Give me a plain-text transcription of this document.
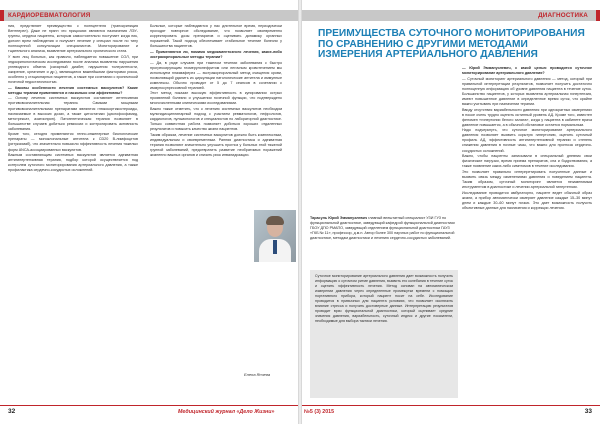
КАРДИОРЕВМАТОЛОГИЯ

ния, предствляет преимущество с полнцентеля (транскрипиция Вентнерел). Даже не прзнн что прицозиях являются назначения ЛЭУ-группы, кердека пациенты, которым самостоятельно поступает когда пик, дополн врем наблюдения и получает лечение у специал после по типу полноценной консультации специалистов. Мониторирование и тщательного анализа, выявление артериального хронического стата.

У всех лиц больных, как правило, наблюдается повышение СОЛ, при эндокринологическом исследовании после анализа выявлены нарушения углеводного обмена (сахарный диабет, нарушения толерантности, ожирение, креатинин и др.), являющиеся важнейшими факторами риска, особенно у стационарных пациентов, а также при сочетании с хронической почечной недостаточностью.

— Каковы особенности лечения системных васкулитов? Какие методы терапии применяются и насколько они эффективны?

— Основу лечения системных васкулитов составляет интенсивная противовоспалительная терапия. Самыми мощными противовоспалительными препаратами являются глюкокортикостероиды, назначаемые в высоких дозах, а также цитостатики (циклофосфамид, метотрексат, азатиоприн). Патогенетическая терапия позволяет в большинстве случаев добиться ремиссии и контролировать активность заболевания.

Кроме того, сегодня применяются генно-инженерные биологические препараты — моноклональные антитела к CD20 B-лимфоцитов (ритуксимаб), что значительно повысило эффективность лечения тяжелых форм ANCA-ассоциированных васкулитов.

Важным составляющим системных васкулитов является адекватная антигипертензивная терапия, подбор которой осуществляется под контролем суточного мониторирования артериального давления, а также профилактика сердечно-сосудистых осложнений.

Больные, которые наблюдаются у нас длительное время, периодически проходят повторное обследование, что позволяет своевременно корректировать дозы препаратов и оценивать динамику органных поражений. Такой подход обеспечивает стабильное течение болезни у большинства пациентов.

— Применяются ли, помимо медикаментозного лечения, какие-либо экстракорпоральные методы терапии?

— Да, в ряде случаев при тяжелом течении заболевания с быстро прогрессирующим гломерулонефритом или легочным кровотечением мы используем плазмаферез — экстракорпоральный метод очищения крови, позволяющий удалить из циркуляции патологические антитела и иммунные комплексы. Обычно проводят от 5 до 7 сеансов в сочетании с иммуносупрессивной терапией.

Этот метод показал высокую эффективность в купировании острых проявлений болезни и улучшении почечной функции, что подтверждено многочисленными клиническими исследованиями.

Важно также отметить, что к лечению системных васкулитов необходим мультидисциплинарный подход с участием ревматологов, нефрологов, кардиологов, пульмонологов и специалистов по лабораторной диагностике. Только совместная работа позволяет добиться хороших отдаленных результатов и повысить качество жизни пациентов.

Таким образом, лечение системных васкулитов должно быть комплексным, индивидуальным и своевременным. Ранняя диагностика и адекватная терапия позволяют значительно улучшить прогноз у больных этой тяжелой группой заболеваний, предотвратить развитие необратимых поражений жизненно важных органов и снизить риск инвалидизации.

Елена Янчева
32	Медицинский журнал «Дело Жизни»
ДИАГНОСТИКА
ПРЕИМУЩЕСТВА СУТОЧНОГО МОНИТОРИРОВАНИЯ ПО СРАВНЕНИЮ С ДРУГИМИ МЕТОДАМИ ИЗМЕРЕНИЯ АРТЕРИАЛЬНОГО ДАВЛЕНИЯ

— Юрий Эммануэлевич, с какой целью проводится суточное мониторирование артериального давления?

— Суточный мониторинг артериального давления — метод, который при правильной интерпретации результатов, позволяет получить достаточно полноценную информацию об уровне давления пациента в течение суток. Большинство пациентов, у которых выявлена артериальная гипертензия, имеют повышенное давление в определенное время суток, что крайне важно учитывать при назначении терапии.

Ввиду отсутствия вариабельности давления при однократных измерениях в покое очень трудно оценить истинный уровень АД. Кроме того, известен феномен «гипертонии белого халата», когда у пациента в кабинете врача давление повышается, а в обычной обстановке остается нормальным.

Надо подчеркнуть, что суточное мониторирование артериального давления позволяет выявить скрытую гипертонию, оценить суточный профиль АД, эффективность антигипертензивной терапии и степень снижения давления в ночные часы, что важно для прогноза сердечно-сосудистых осложнений.

Важно, чтобы пациенты записывали в специальный дневник свои физические нагрузки, время приема препаратов, сна и бодрствования, а также появление каких-либо симптомов в течение исследования.

Это позволяет правильно интерпретировать полученные данные и выявить связь между изменениями давления и поведением пациента. Таким образом, суточный мониторинг является незаменимым инструментом в диагностике и лечении артериальной гипертензии.

Исследование проводится амбулаторно, пациент ведет обычный образ жизни, а прибор автоматически измеряет давление каждые 15–30 минут днем и каждые 30–60 минут ночью. Это дает возможность получить объективные данные для назначения и коррекции лечения.

Тарасуль Юрий Эммануэлевич главный внештатный специалист УЗИ ГУЗ по функциональной диагностике, заведующий кафедрой функциональной диагностики ГБОУ ДПО РМАПО, заведующий отделением функциональной диагностики ГАУЗ «ГКБ № 11», профессор, д.м.н. Автор более 300 научных работ по функциональной диагностике, методам диагностики и лечению сердечно-сосудистых заболеваний.
Суточное мониторирование артериального давления дает возможность получить информацию о суточном ритме давления, выявить его колебания в течение суток и оценить эффективность лечения. Метод основан на автоматическом измерении давления через определенные промежутки времени с помощью портативного прибора, который пациент носит на себе. Исследование проводится в привычных для пациента условиях, что позволяет исключить влияние стресса и получить достоверные данные. Интерпретацию результатов проводит врач функциональной диагностики, который оценивает средние значения давления, вариабельность, суточный индекс и другие показатели, необходимые для выбора тактики лечения.
№5 (3) 2015	33
